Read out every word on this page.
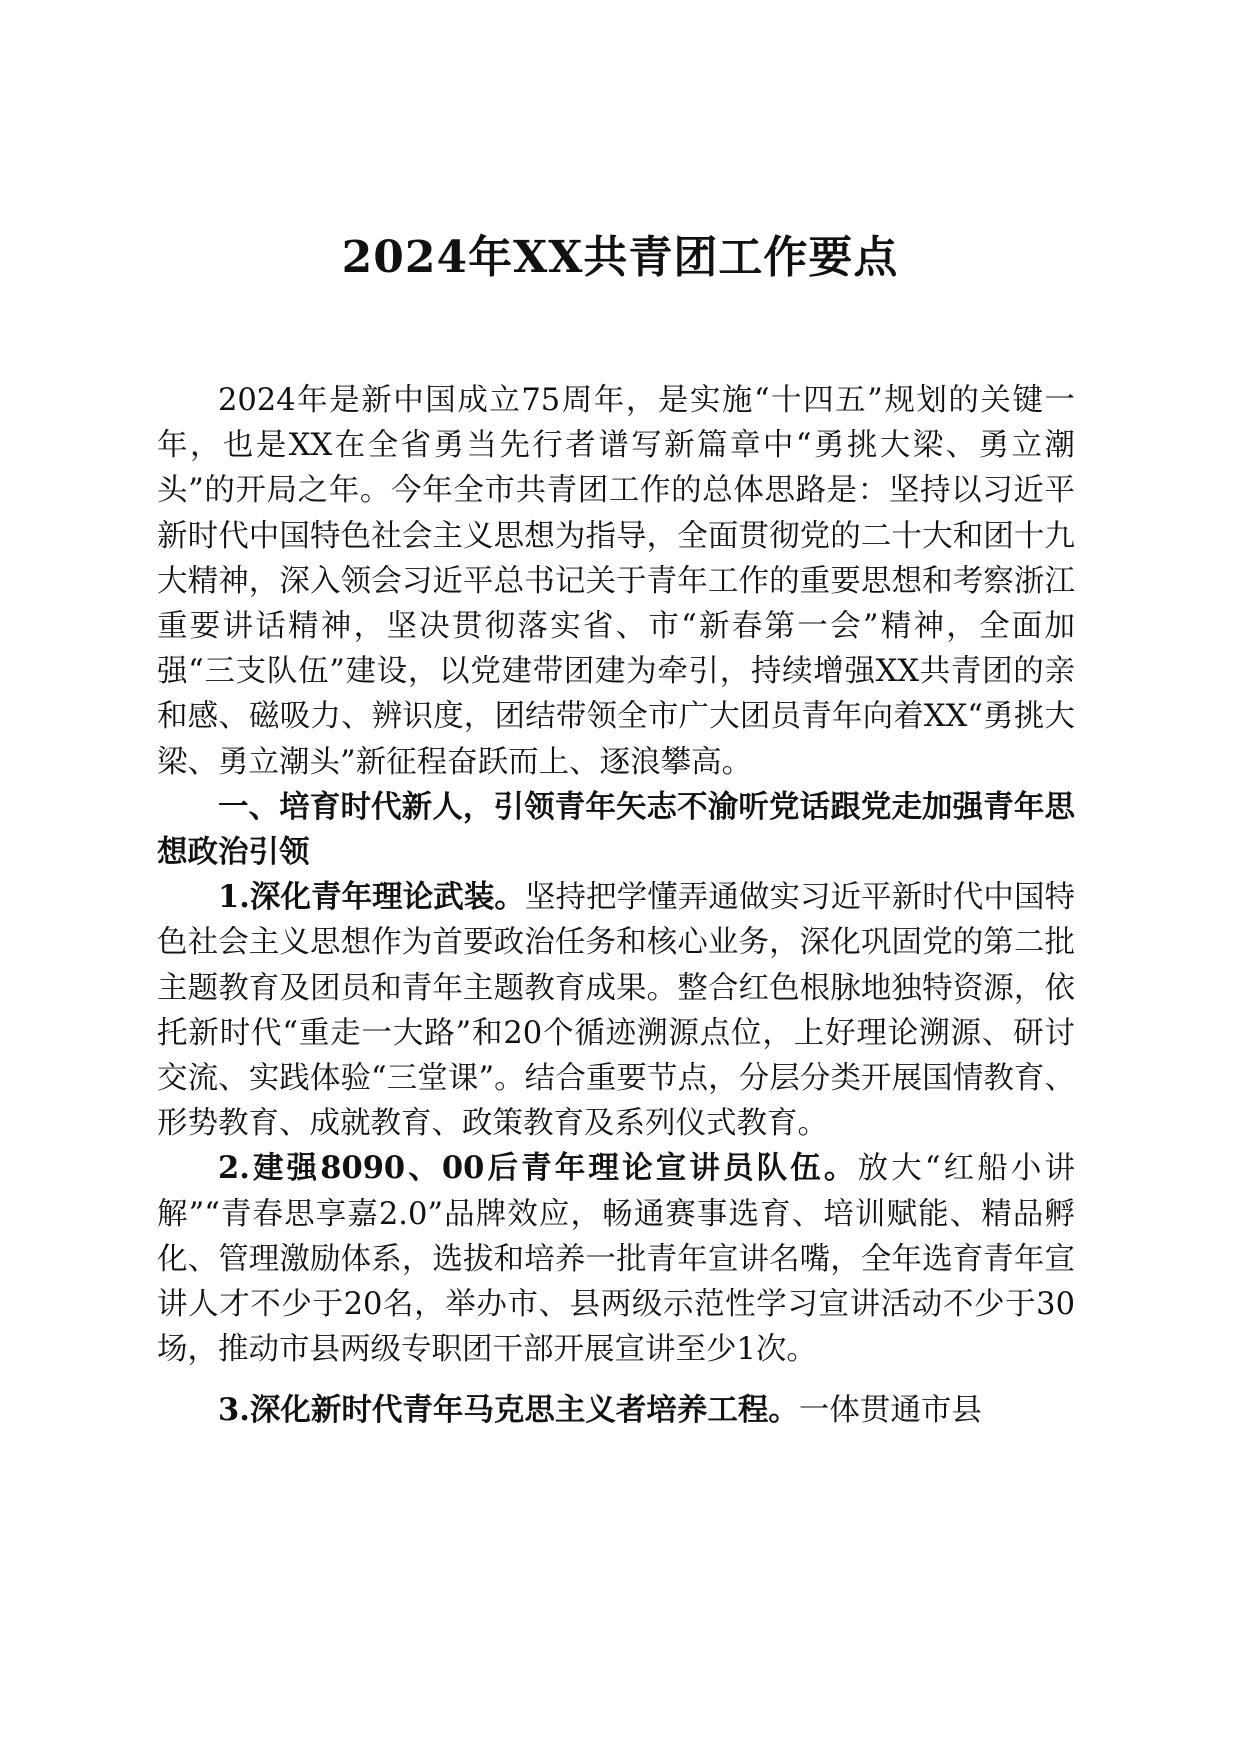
2024年XX共青团工作要点

2024年是新中国成立75周年，是实施“十四五”规划的关键一年，也是XX在全省勇当先行者谱写新篇章中“勇挑大梁、勇立潮头”的开局之年。今年全市共青团工作的总体思路是：坚持以习近平新时代中国特色社会主义思想为指导，全面贯彻党的二十大和团十九大精神，深入领会习近平总书记关于青年工作的重要思想和考察浙江重要讲话精神，坚决贯彻落实省、市“新春第一会”精神，全面加强“三支队伍”建设，以党建带团建为牵引，持续增强XX共青团的亲和感、磁吸力、辨识度，团结带领全市广大团员青年向着XX“勇挑大梁、勇立潮头”新征程奋跃而上、逐浪攀高。

一、培育时代新人，引领青年矢志不渝听党话跟党走加强青年思想政治引领

1.深化青年理论武装。坚持把学懂弄通做实习近平新时代中国特色社会主义思想作为首要政治任务和核心业务，深化巩固党的第二批主题教育及团员和青年主题教育成果。整合红色根脉地独特资源，依托新时代“重走一大路”和20个循迹溯源点位，上好理论溯源、研讨交流、实践体验“三堂课”。结合重要节点，分层分类开展国情教育、形势教育、成就教育、政策教育及系列仪式教育。

2.建强8090、00后青年理论宣讲员队伍。放大“红船小讲解”“青春思享嘉2.0”品牌效应，畅通赛事选育、培训赋能、精品孵化、管理激励体系，选拔和培养一批青年宣讲名嘴，全年选育青年宣讲人才不少于20名，举办市、县两级示范性学习宣讲活动不少于30场，推动市县两级专职团干部开展宣讲至少1次。

3.深化新时代青年马克思主义者培养工程。一体贯通市县
